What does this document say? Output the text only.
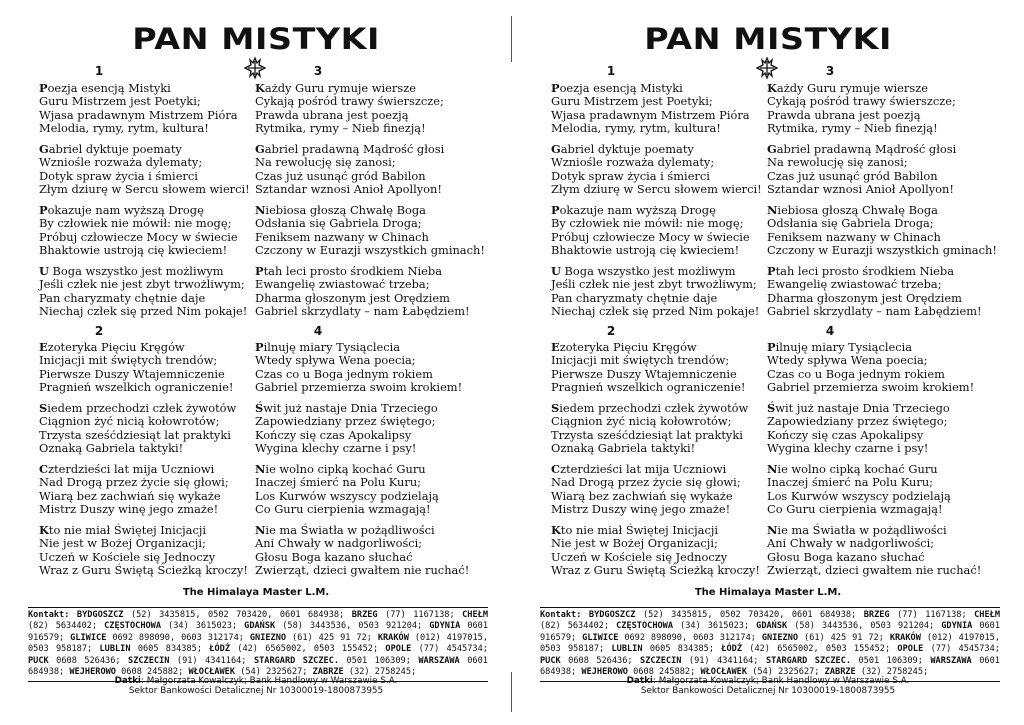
PAN MISTYKI
1	3
2	4
Poezja esencją Mistyki
Guru Mistrzem jest Poetyki;
Wjasa pradawnym Mistrzem Pióra
Melodia, rymy, rytm, kultura!
Gabriel dyktuje poematy
Wzniośle rozważa dylematy;
Dotyk spraw życia i śmierci
Złym dziurę w Sercu słowem wierci!
Pokazuje nam wyższą Drogę
By człowiek nie mówił: nie mogę;
Próbuj człowiecze Mocy w świecie
Bhaktowie ustroją cię kwieciem!
U Boga wszystko jest możliwym
Jeśli człek nie jest zbyt trwożliwym;
Pan charyzmaty chętnie daje
Niechaj człek się przed Nim pokaje!
Każdy Guru rymuje wiersze
Cykają pośród trawy świerszcze;
Prawda ubrana jest poezją
Rytmika, rymy – Nieb finezją!
Gabriel pradawną Mądrość głosi
Na rewolucję się zanosi;
Czas już usunąć gród Babilon
Sztandar wznosi Anioł Apollyon!
Niebiosa głoszą Chwałę Boga
Odsłania się Gabriela Droga;
Feniksem nazwany w Chinach
Czczony w Eurazji wszystkich gminach!
Ptah leci prosto środkiem Nieba
Ewangelię zwiastować trzeba;
Dharma głoszonym jest Orędziem
Gabriel skrzydlaty – nam Łabędziem!
Ezoteryka Pięciu Kręgów
Inicjacji mit świętych trendów;
Pierwsze Duszy Wtajemniczenie
Pragnień wszelkich ograniczenie!
Siedem przechodzi człek żywotów
Ciągnion żyć nicią kołowrotów;
Trzysta sześćdziesiąt lat praktyki
Oznaką Gabriela taktyki!
Czterdzieści lat mija Uczniowi
Nad Drogą przez życie się głowi;
Wiarą bez zachwiań się wykaże
Mistrz Duszy winę jego zmaże!
Kto nie miał Świętej Inicjacji
Nie jest w Bożej Organizacji;
Uczeń w Kościele się Jednoczy
Wraz z Guru Świętą Ścieżką kroczy!
Pilnuję miary Tysiąclecia
Wtedy spływa Wena poecia;
Czas co u Boga jednym rokiem
Gabriel przemierza swoim krokiem!
Świt już nastaje Dnia Trzeciego
Zapowiedziany przez świętego;
Kończy się czas Apokalipsy
Wygina klechy czarne i psy!
Nie wolno cipką kochać Guru
Inaczej śmierć na Polu Kuru;
Los Kurwów wszyscy podzielają
Co Guru cierpienia wzmagają!
Nie ma Światła w pożądliwości
Ani Chwały w nadgorliwości;
Głosu Boga kazano słuchać
Zwierząt, dzieci gwałtem nie ruchać!
The Himalaya Master L.M.
Kontakt: BYDGOSZCZ (52) 3435815, 0502 703420, 0601 684938; BRZEG (77) 1167138; CHEŁM (82) 5634402; CZĘSTOCHOWA (34) 3615023; GDAŃSK (58) 3443536, 0503 921204; GDYNIA 0601 916579; GLIWICE 0692 898090, 0603 312174; GNIEZNO (61) 425 91 72; KRAKÓW (012) 4197015, 0503 958187; LUBLIN 0605 834385; ŁÓDŹ (42) 6565002, 0503 155452; OPOLE (77) 4545734; PUCK 0608 526436; SZCZECIN (91) 4341164; STARGARD SZCZEC. 0501 106309; WARSZAWA 0601 684938; WEJHEROWO 0608 245882; WŁOCŁAWEK (54) 2325627; ZABRZE (32) 2758245;
Datki: Małgorzata Kowalczyk; Bank Handlowy w Warszawie S.A.
Sektor Bankowości Detalicznej Nr 10300019-1800873955
PAN MISTYKI
1	3
2	4
Poezja esencją Mistyki
Guru Mistrzem jest Poetyki;
Wjasa pradawnym Mistrzem Pióra
Melodia, rymy, rytm, kultura!
Gabriel dyktuje poematy
Wzniośle rozważa dylematy;
Dotyk spraw życia i śmierci
Złym dziurę w Sercu słowem wierci!
Pokazuje nam wyższą Drogę
By człowiek nie mówił: nie mogę;
Próbuj człowiecze Mocy w świecie
Bhaktowie ustroją cię kwieciem!
U Boga wszystko jest możliwym
Jeśli człek nie jest zbyt trwożliwym;
Pan charyzmaty chętnie daje
Niechaj człek się przed Nim pokaje!
Każdy Guru rymuje wiersze
Cykają pośród trawy świerszcze;
Prawda ubrana jest poezją
Rytmika, rymy – Nieb finezją!
Gabriel pradawną Mądrość głosi
Na rewolucję się zanosi;
Czas już usunąć gród Babilon
Sztandar wznosi Anioł Apollyon!
Niebiosa głoszą Chwałę Boga
Odsłania się Gabriela Droga;
Feniksem nazwany w Chinach
Czczony w Eurazji wszystkich gminach!
Ptah leci prosto środkiem Nieba
Ewangelię zwiastować trzeba;
Dharma głoszonym jest Orędziem
Gabriel skrzydlaty – nam Łabędziem!
Ezoteryka Pięciu Kręgów
Inicjacji mit świętych trendów;
Pierwsze Duszy Wtajemniczenie
Pragnień wszelkich ograniczenie!
Siedem przechodzi człek żywotów
Ciągnion żyć nicią kołowrotów;
Trzysta sześćdziesiąt lat praktyki
Oznaką Gabriela taktyki!
Czterdzieści lat mija Uczniowi
Nad Drogą przez życie się głowi;
Wiarą bez zachwiań się wykaże
Mistrz Duszy winę jego zmaże!
Kto nie miał Świętej Inicjacji
Nie jest w Bożej Organizacji;
Uczeń w Kościele się Jednoczy
Wraz z Guru Świętą Ścieżką kroczy!
Pilnuję miary Tysiąclecia
Wtedy spływa Wena poecia;
Czas co u Boga jednym rokiem
Gabriel przemierza swoim krokiem!
Świt już nastaje Dnia Trzeciego
Zapowiedziany przez świętego;
Kończy się czas Apokalipsy
Wygina klechy czarne i psy!
Nie wolno cipką kochać Guru
Inaczej śmierć na Polu Kuru;
Los Kurwów wszyscy podzielają
Co Guru cierpienia wzmagają!
Nie ma Światła w pożądliwości
Ani Chwały w nadgorliwości;
Głosu Boga kazano słuchać
Zwierząt, dzieci gwałtem nie ruchać!
The Himalaya Master L.M.
Kontakt: BYDGOSZCZ (52) 3435815, 0502 703420, 0601 684938; BRZEG (77) 1167138; CHEŁM (82) 5634402; CZĘSTOCHOWA (34) 3615023; GDAŃSK (58) 3443536, 0503 921204; GDYNIA 0601 916579; GLIWICE 0692 898090, 0603 312174; GNIEZNO (61) 425 91 72; KRAKÓW (012) 4197015, 0503 958187; LUBLIN 0605 834385; ŁÓDŹ (42) 6565002, 0503 155452; OPOLE (77) 4545734; PUCK 0608 526436; SZCZECIN (91) 4341164; STARGARD SZCZEC. 0501 106309; WARSZAWA 0601 684938; WEJHEROWO 0608 245882; WŁOCŁAWEK (54) 2325627; ZABRZE (32) 2758245;
Datki: Małgorzata Kowalczyk; Bank Handlowy w Warszawie S.A.
Sektor Bankowości Detalicznej Nr 10300019-1800873955
